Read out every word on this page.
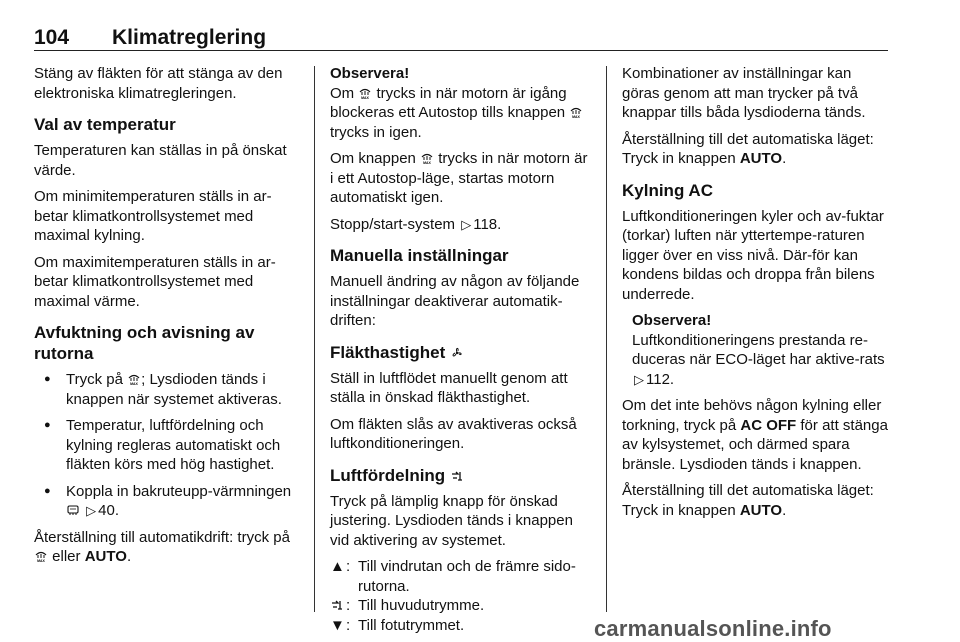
104 Klimatreglering

Stäng av fläkten för att stänga av den elektroniska klimatregleringen.

Val av temperatur

Temperaturen kan ställas in på önskat värde.

Om minimitemperaturen ställs in ar-betar klimatkontrollsystemet med maximal kylning.

Om maximitemperaturen ställs in ar-betar klimatkontrollsystemet med maximal värme.

Avfuktning och avisning av rutorna
● Tryck på MAX ; Lysdioden tänds i knappen när systemet aktiveras.
● Temperatur, luftfördelning och kylning regleras automatiskt och fläkten körs med hög hastighet.
● Koppla in bakruteupp-värmningen
▷ 40.

Återställning till automatikdrift: tryck på
MAX eller AUTO.

Observera!

Om MAX trycks in när motorn är igång blockeras ett Autostop tills knappen MAX
trycks in igen.

Om knappen MAX trycks in när motorn är i ett Autostop-läge, startas motorn automatiskt igen.

Stopp/start-system ▷ 118.

Manuella inställningar

Manuell ändring av någon av följande inställningar deaktiverar automatik-driften:

Fläkthastighet

Ställ in luftflödet manuellt genom att ställa in önskad fläkthastighet.

Om fläkten slås av avaktiveras också luftkonditioneringen.

Luftfördelning

Tryck på lämplig knapp för önskad justering. Lysdioden tänds i knappen vid aktivering av systemet.

▲	:	Till vindrutan och de främre sido-rutorna.

	:	Till huvudutrymme.
▼	:	Till fotutrymmet.

Kombinationer av inställningar kan göras genom att man trycker på två knappar tills båda lysdioderna tänds.

Återställning till det automatiska läget: Tryck in knappen AUTO.

Kylning AC

Luftkonditioneringen kyler och av-fuktar (torkar) luften när yttertempe-raturen ligger över en viss nivå. Där-för kan kondens bildas och droppa från bilens underrede.

Observera!

Luftkonditioneringens prestanda re-duceras när ECO-läget har aktive-rats ▷ 112.

Om det inte behövs någon kylning eller torkning, tryck på AC OFF för att stänga av kylsystemet, och därmed spara bränsle. Lysdioden tänds i knappen.

Återställning till det automatiska läget: Tryck in knappen AUTO.

carmanualsonline.info
